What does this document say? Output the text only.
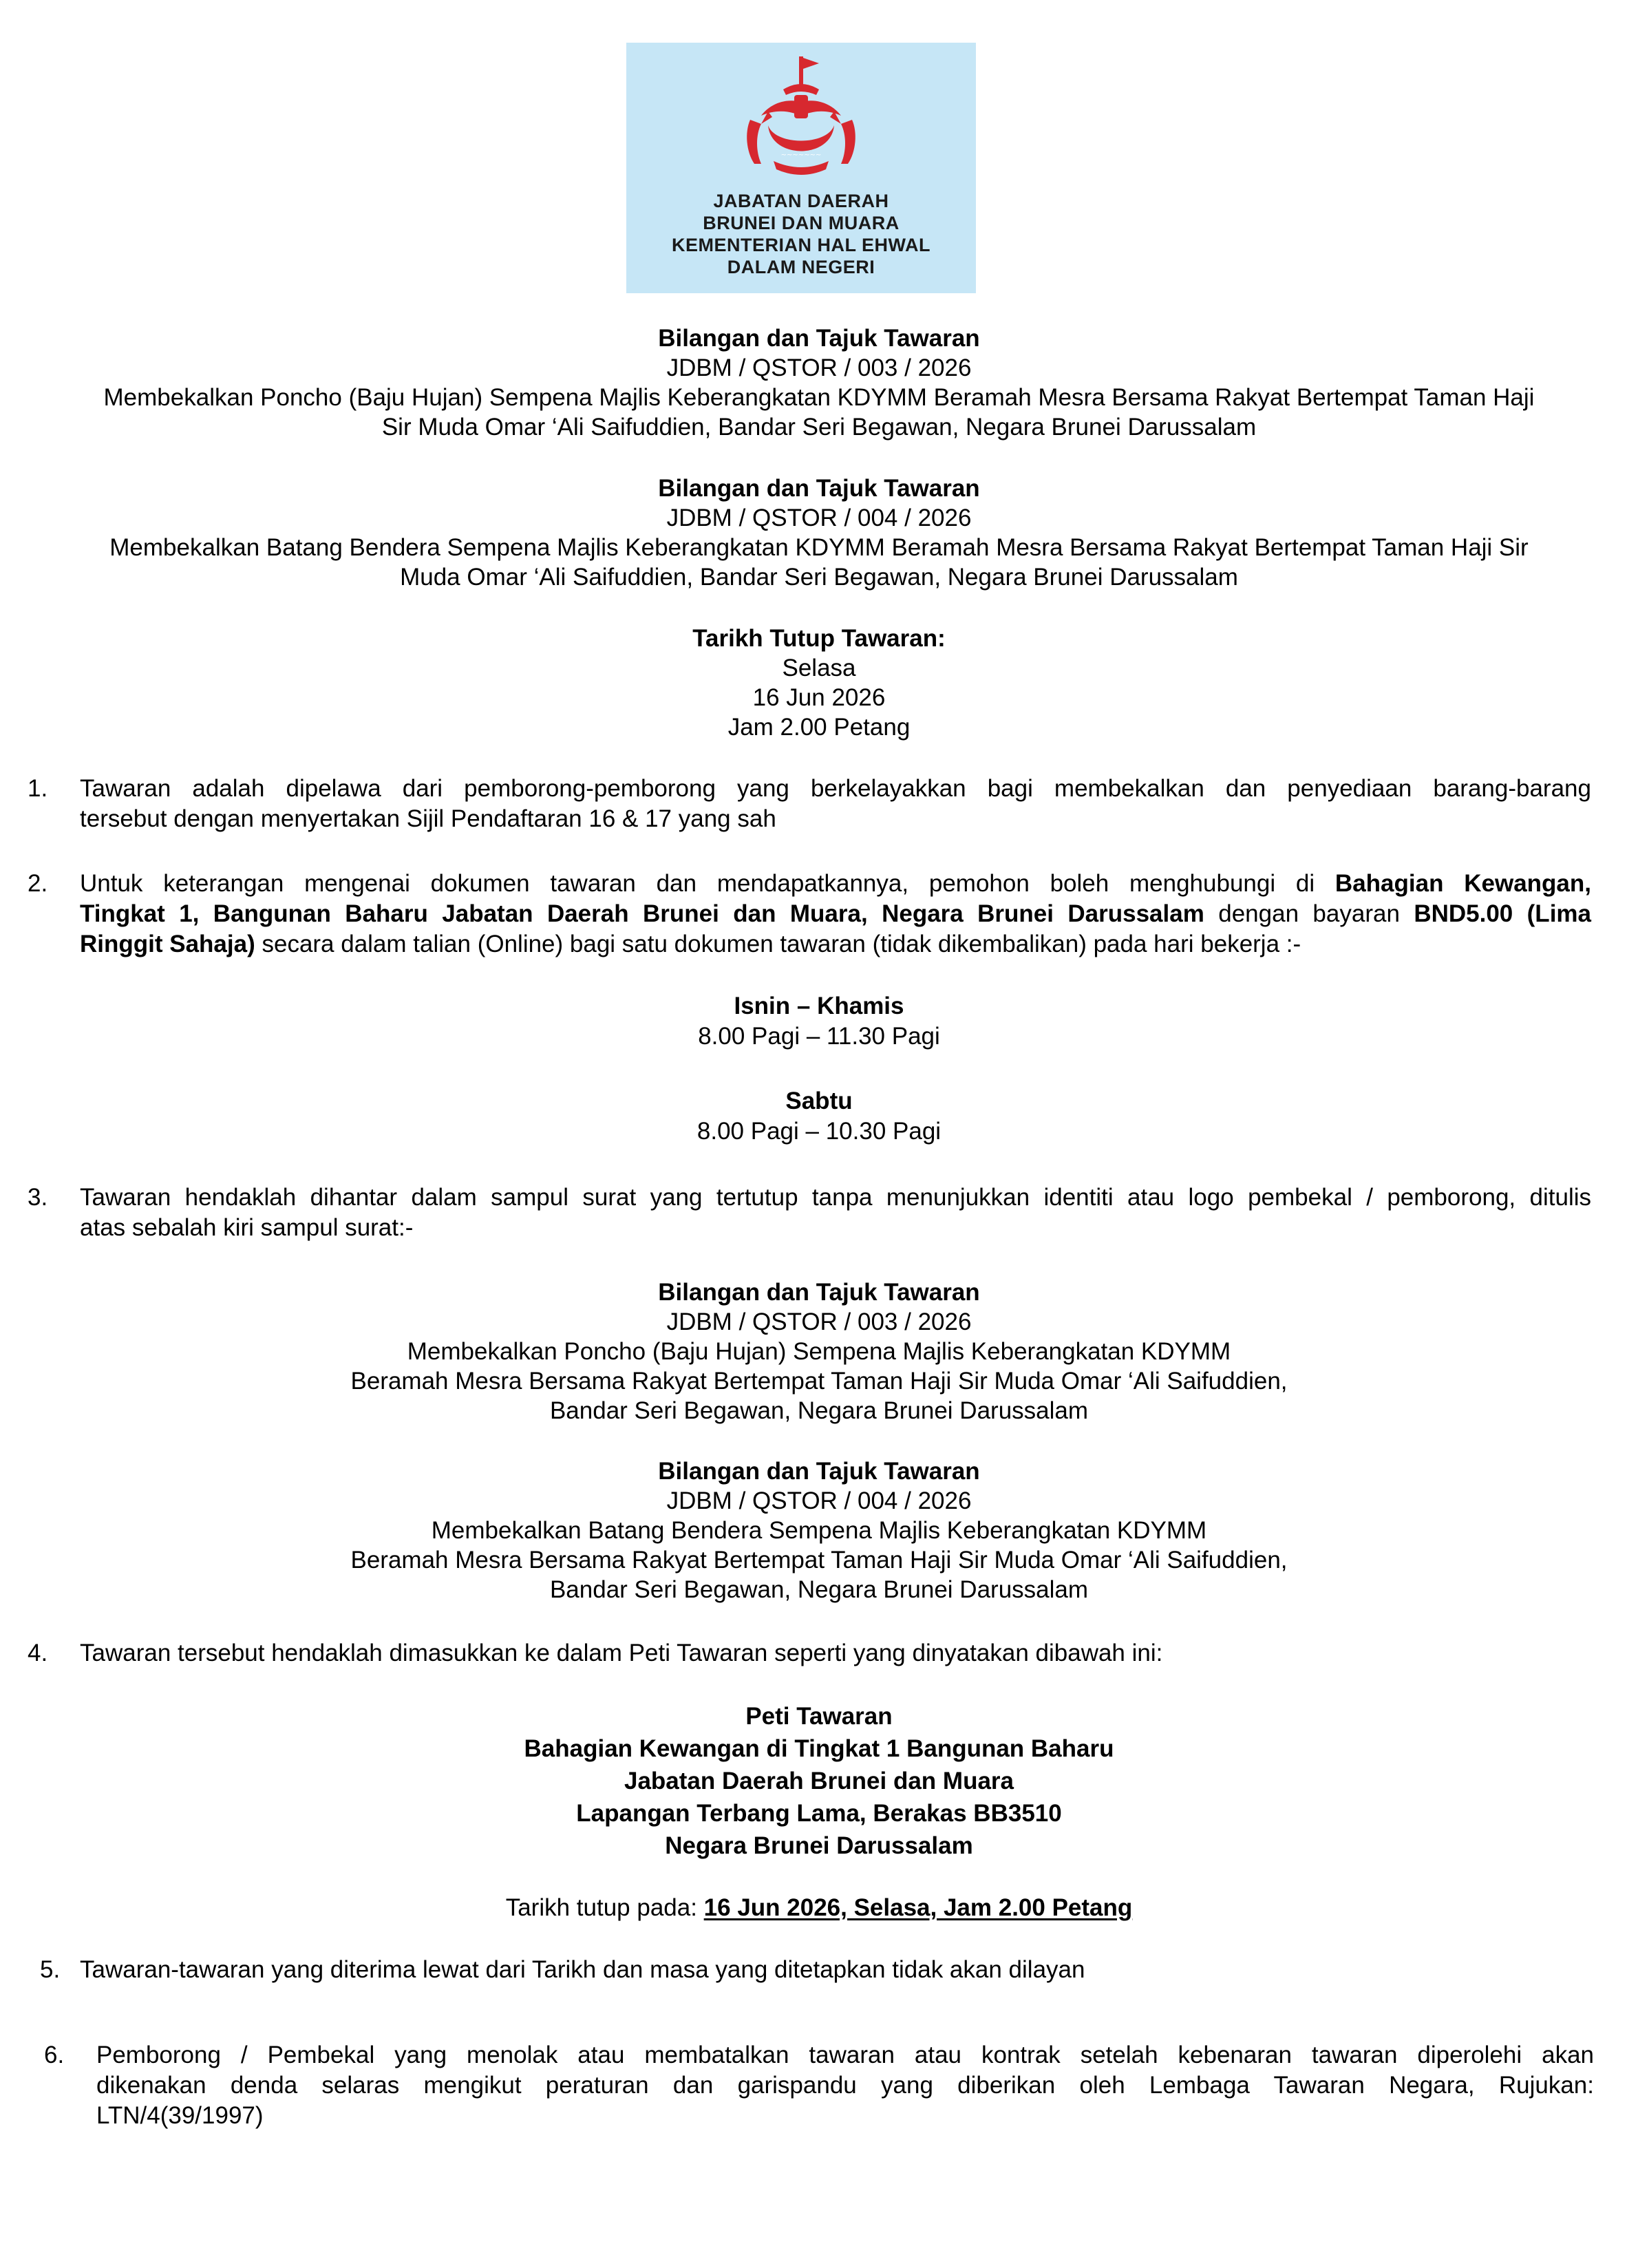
~~~~~~~
JABATAN DAERAH
BRUNEI DAN MUARA
KEMENTERIAN HAL EHWAL
DALAM NEGERI
Bilangan dan Tajuk Tawaran
JDBM / QSTOR / 003 / 2026
Membekalkan Poncho (Baju Hujan) Sempena Majlis Keberangkatan KDYMM Beramah Mesra Bersama Rakyat Bertempat Taman Haji
Sir Muda Omar ‘Ali Saifuddien, Bandar Seri Begawan, Negara Brunei Darussalam
Bilangan dan Tajuk Tawaran
JDBM / QSTOR / 004 / 2026
Membekalkan Batang Bendera Sempena Majlis Keberangkatan KDYMM Beramah Mesra Bersama Rakyat Bertempat Taman Haji Sir
Muda Omar ‘Ali Saifuddien, Bandar Seri Begawan, Negara Brunei Darussalam
Tarikh Tutup Tawaran:
Selasa
16 Jun 2026
Jam 2.00 Petang
1. Tawaran adalah dipelawa dari pemborong-pemborong yang berkelayakkan bagi membekalkan dan penyediaan barang-barang
tersebut dengan menyertakan Sijil Pendaftaran 16 & 17 yang sah
2. Untuk keterangan mengenai dokumen tawaran dan mendapatkannya, pemohon boleh menghubungi di Bahagian Kewangan,
Tingkat 1, Bangunan Baharu Jabatan Daerah Brunei dan Muara, Negara Brunei Darussalam dengan bayaran BND5.00 (Lima
Ringgit Sahaja) secara dalam talian (Online) bagi satu dokumen tawaran (tidak dikembalikan) pada hari bekerja :-
Isnin – Khamis
8.00 Pagi – 11.30 Pagi
Sabtu
8.00 Pagi – 10.30 Pagi
3. Tawaran hendaklah dihantar dalam sampul surat yang tertutup tanpa menunjukkan identiti atau logo pembekal / pemborong, ditulis
atas sebalah kiri sampul surat:-
Bilangan dan Tajuk Tawaran
JDBM / QSTOR / 003 / 2026
Membekalkan Poncho (Baju Hujan) Sempena Majlis Keberangkatan KDYMM
Beramah Mesra Bersama Rakyat Bertempat Taman Haji Sir Muda Omar ‘Ali Saifuddien,
Bandar Seri Begawan, Negara Brunei Darussalam
Bilangan dan Tajuk Tawaran
JDBM / QSTOR / 004 / 2026
Membekalkan Batang Bendera Sempena Majlis Keberangkatan KDYMM
Beramah Mesra Bersama Rakyat Bertempat Taman Haji Sir Muda Omar ‘Ali Saifuddien,
Bandar Seri Begawan, Negara Brunei Darussalam
4. Tawaran tersebut hendaklah dimasukkan ke dalam Peti Tawaran seperti yang dinyatakan dibawah ini:
Peti Tawaran
Bahagian Kewangan di Tingkat 1 Bangunan Baharu
Jabatan Daerah Brunei dan Muara
Lapangan Terbang Lama, Berakas BB3510
Negara Brunei Darussalam
Tarikh tutup pada: 16 Jun 2026, Selasa, Jam 2.00 Petang
5. Tawaran-tawaran yang diterima lewat dari Tarikh dan masa yang ditetapkan tidak akan dilayan
6. Pemborong / Pembekal yang menolak atau membatalkan tawaran atau kontrak setelah kebenaran tawaran diperolehi akan
dikenakan denda selaras mengikut peraturan dan garispandu yang diberikan oleh Lembaga Tawaran Negara, Rujukan:
LTN/4(39/1997)
